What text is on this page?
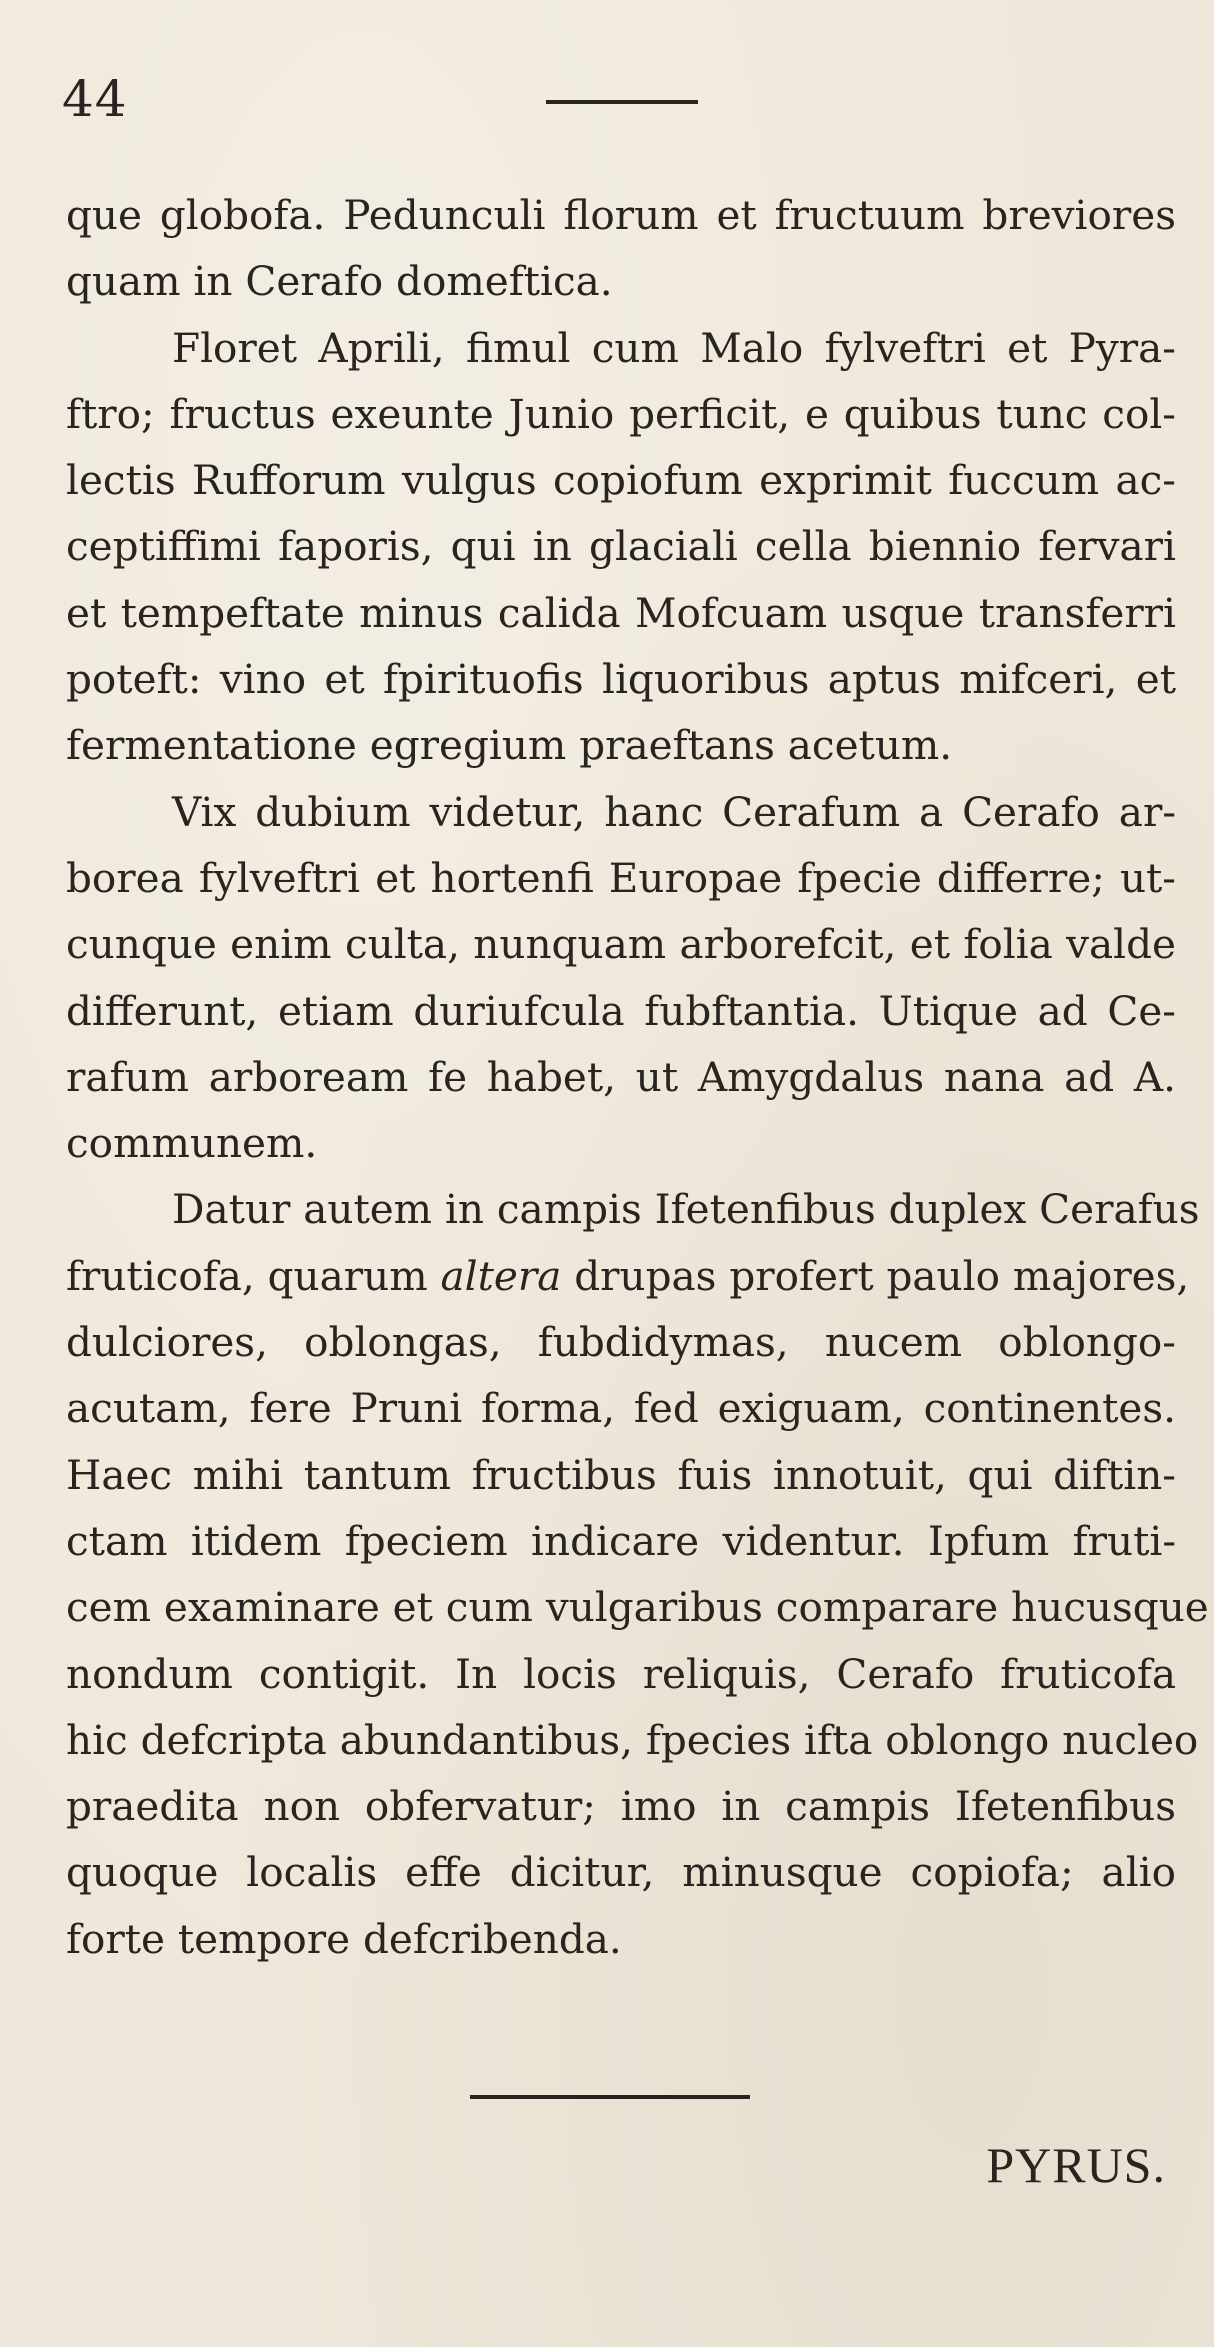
44
que globofa. Pedunculi florum et fructuum breviores
quam in Cerafo domeftica.
Floret Aprili, fimul cum Malo fylveftri et Pyra-
ftro; fructus exeunte Junio perficit, e quibus tunc col-
lectis Rufforum vulgus copiofum exprimit fuccum ac-
ceptiffimi faporis, qui in glaciali cella biennio fervari
et tempeftate minus calida Mofcuam usque transferri
poteft: vino et fpirituofis liquoribus aptus mifceri, et
fermentatione egregium praeftans acetum.
Vix dubium videtur, hanc Cerafum a Cerafo ar-
borea fylveftri et hortenfi Europae fpecie differre; ut-
cunque enim culta, nunquam arborefcit, et folia valde
differunt, etiam duriufcula fubftantia. Utique ad Ce-
rafum arboream fe habet, ut Amygdalus nana ad A.
communem.
Datur autem in campis Ifetenfibus duplex Cerafus
fruticofa, quarum altera drupas profert paulo majores,
dulciores, oblongas, fubdidymas, nucem oblongo-
acutam, fere Pruni forma, fed exiguam, continentes.
Haec mihi tantum fructibus fuis innotuit, qui diftin-
ctam itidem fpeciem indicare videntur. Ipfum fruti-
cem examinare et cum vulgaribus comparare hucusque
nondum contigit. In locis reliquis, Cerafo fruticofa
hic defcripta abundantibus, fpecies ifta oblongo nucleo
praedita non obfervatur; imo in campis Ifetenfibus
quoque localis effe dicitur, minusque copiofa; alio
forte tempore defcribenda.
PYRUS.
